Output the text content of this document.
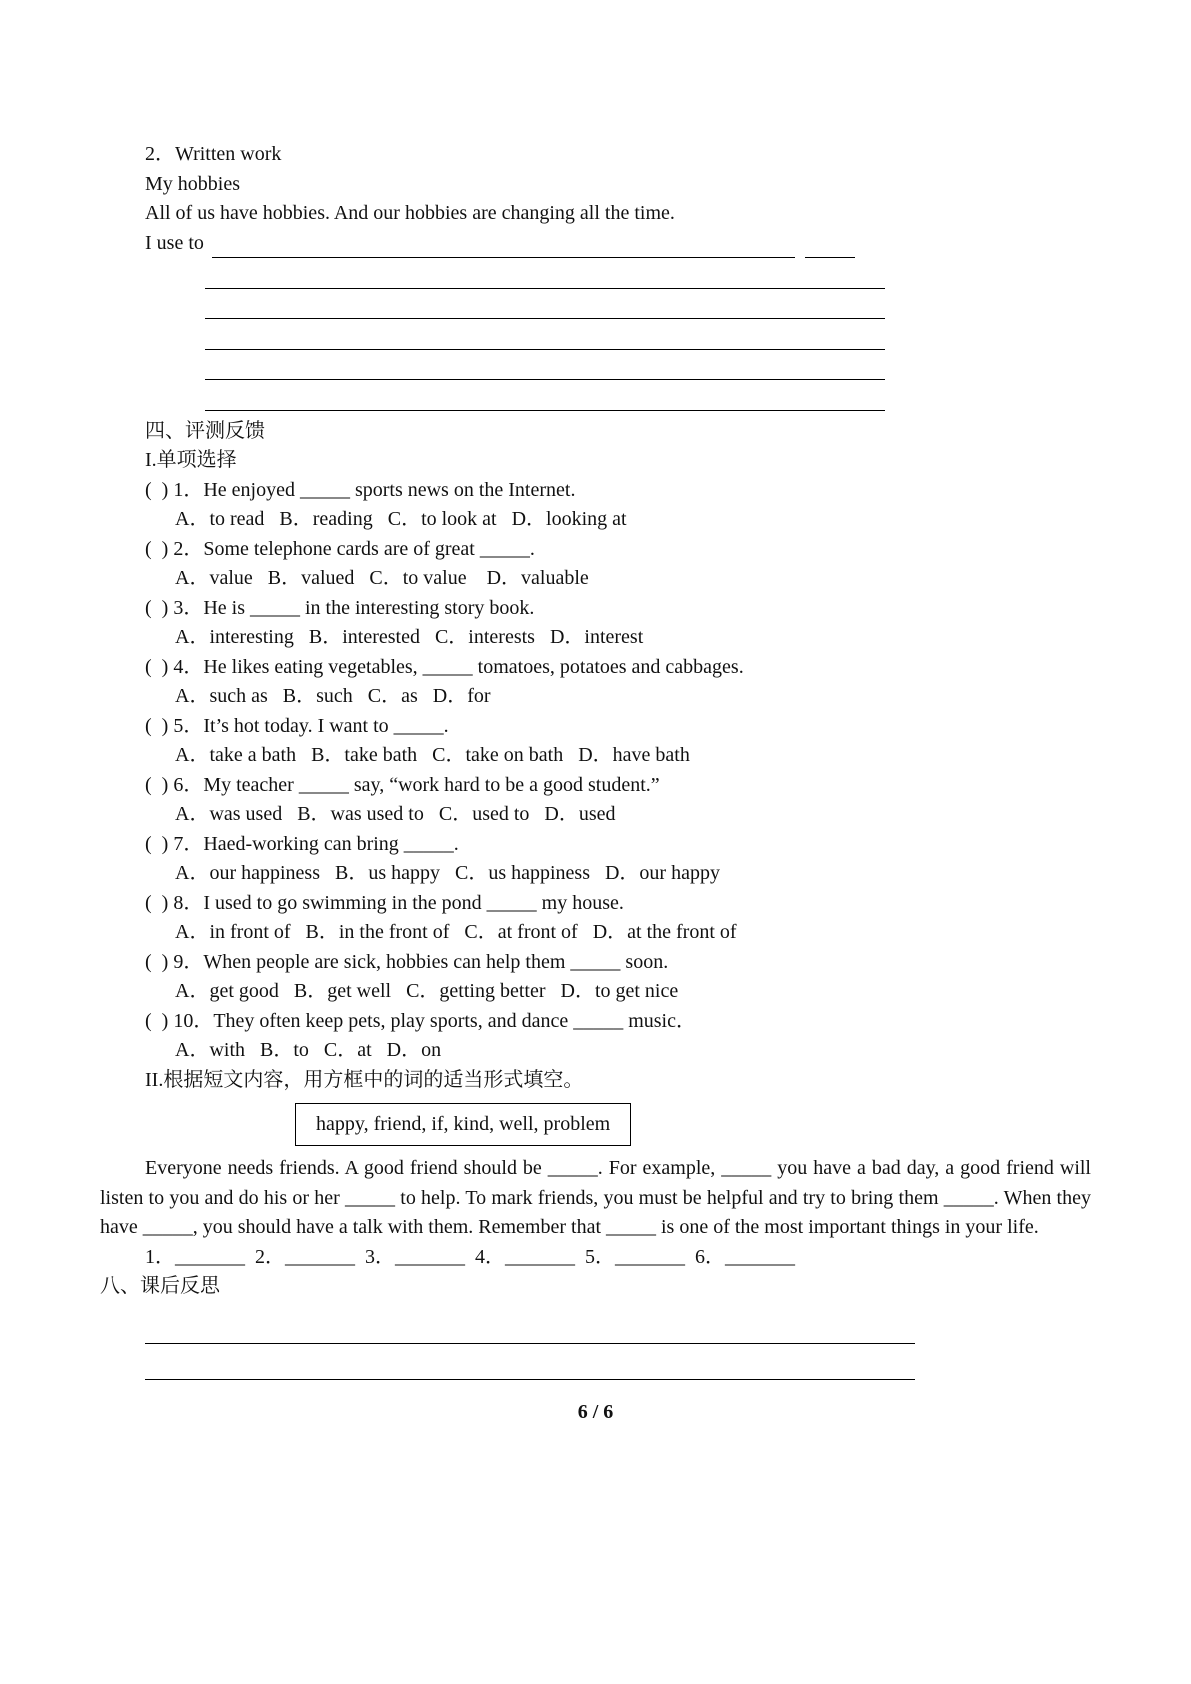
2．Written work
My hobbies
All of us have hobbies. And our hobbies are changing all the time.
I use to
四、评测反馈
I.单项选择
(  ) 1．He enjoyed _____ sports news on the Internet.
A．to read   B．reading   C．to look at   D．looking at
(  ) 2．Some telephone cards are of great _____.
A．value   B．valued   C．to value    D．valuable
(  ) 3．He is _____ in the interesting story book.
A．interesting   B．interested   C．interests   D．interest
(  ) 4．He likes eating vegetables, _____ tomatoes, potatoes and cabbages.
A．such as   B．such   C．as   D．for
(  ) 5．It’s hot today. I want to _____.
A．take a bath   B．take bath   C．take on bath   D．have bath
(  ) 6．My teacher _____ say, “work hard to be a good student.”
A．was used   B．was used to   C．used to   D．used
(  ) 7．Haed-working can bring _____.
A．our happiness   B．us happy   C．us happiness   D．our happy
(  ) 8．I used to go swimming in the pond _____ my house.
A．in front of   B．in the front of   C．at front of   D．at the front of
(  ) 9．When people are sick, hobbies can help them _____ soon.
A．get good   B．get well   C．getting better   D．to get nice
(  ) 10．They often keep pets, play sports, and dance _____ music．
A．with   B．to   C．at   D．on
II.根据短文内容，用方框中的词的适当形式填空。
happy, friend, if, kind, well, problem
Everyone needs friends. A good friend should be _____. For example, _____ you have a bad day, a good friend will listen to you and do his or her _____ to help. To mark friends, you must be helpful and try to bring them _____. When they have _____, you should have a talk with them. Remember that _____ is one of the most important things in your life.
1．_______  2．_______  3．_______  4．_______  5．_______  6．_______
八、课后反思
6 / 6
